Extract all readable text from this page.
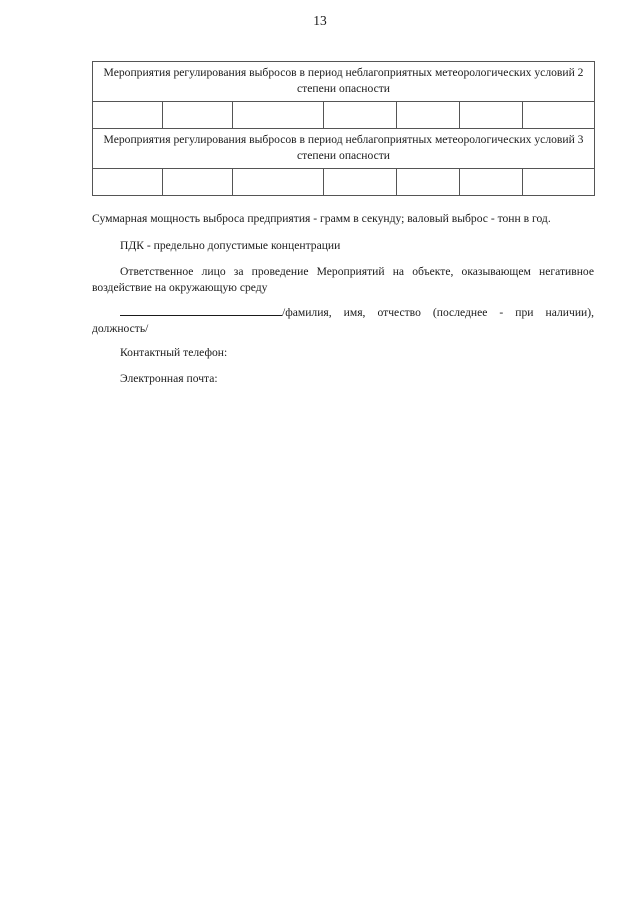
13
Мероприятия регулирования выбросов в период неблагоприятных метеорологических условий 2 степени опасности						

Мероприятия регулирования выбросов в период неблагоприятных метеорологических условий 3 степени опасности						

Суммарная мощность выброса предприятия - грамм в секунду; валовый выброс - тонн в год.

ПДК - предельно допустимые концентрации

Ответственное лицо за проведение Мероприятий на объекте, оказывающем негативное воздействие на окружающую среду

/фамилия, имя, отчество (последнее - при наличии), должность/

Контактный телефон:

Электронная почта:
